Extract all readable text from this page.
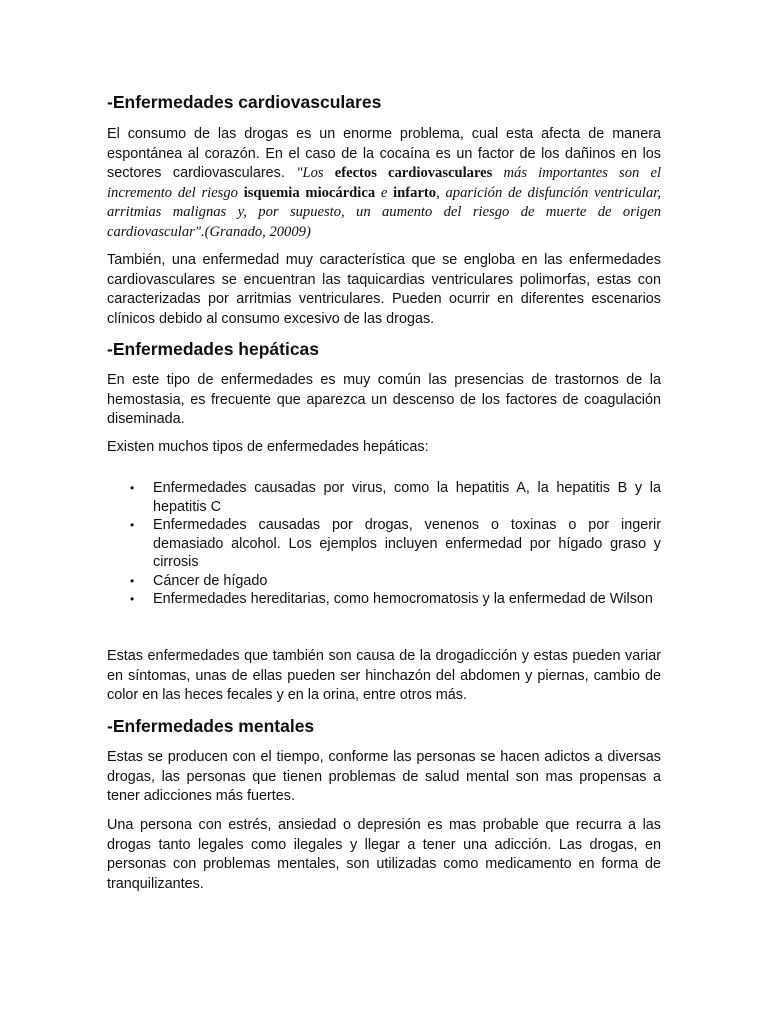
-Enfermedades cardiovasculares

El consumo de las drogas es un enorme problema, cual esta afecta de manera espontánea al corazón. En el caso de la cocaína es un factor de los dañinos en los sectores cardiovasculares. "Los efectos cardiovasculares más importantes son el incremento del riesgo isquemia miocárdica e infarto, aparición de disfunción ventricular, arritmias malignas y, por supuesto, un aumento del riesgo de muerte de origen cardiovascular".(Granado, 20009)

También, una enfermedad muy característica que se engloba en las enfermedades cardiovasculares se encuentran las taquicardias ventriculares polimorfas, estas con caracterizadas por arritmias ventriculares. Pueden ocurrir en diferentes escenarios clínicos debido al consumo excesivo de las drogas.

-Enfermedades hepáticas

En este tipo de enfermedades es muy común las presencias de trastornos de la hemostasia, es frecuente que aparezca un descenso de los factores de coagulación diseminada.

Existen muchos tipos de enfermedades hepáticas:

• Enfermedades causadas por virus, como la hepatitis A, la hepatitis B y la hepatitis C
• Enfermedades causadas por drogas, venenos o toxinas o por ingerir demasiado alcohol. Los ejemplos incluyen enfermedad por hígado graso y cirrosis
• Cáncer de hígado
• Enfermedades hereditarias, como hemocromatosis y la enfermedad de Wilson

Estas enfermedades que también son causa de la drogadicción y estas pueden variar en síntomas, unas de ellas pueden ser hinchazón del abdomen y piernas, cambio de color en las heces fecales y en la orina, entre otros más.

-Enfermedades mentales

Estas se producen con el tiempo, conforme las personas se hacen adictos a diversas drogas, las personas que tienen problemas de salud mental son mas propensas a tener adicciones más fuertes.

Una persona con estrés, ansiedad o depresión es mas probable que recurra a las drogas tanto legales como ilegales y llegar a tener una adicción. Las drogas, en personas con problemas mentales, son utilizadas como medicamento en forma de tranquilizantes.
